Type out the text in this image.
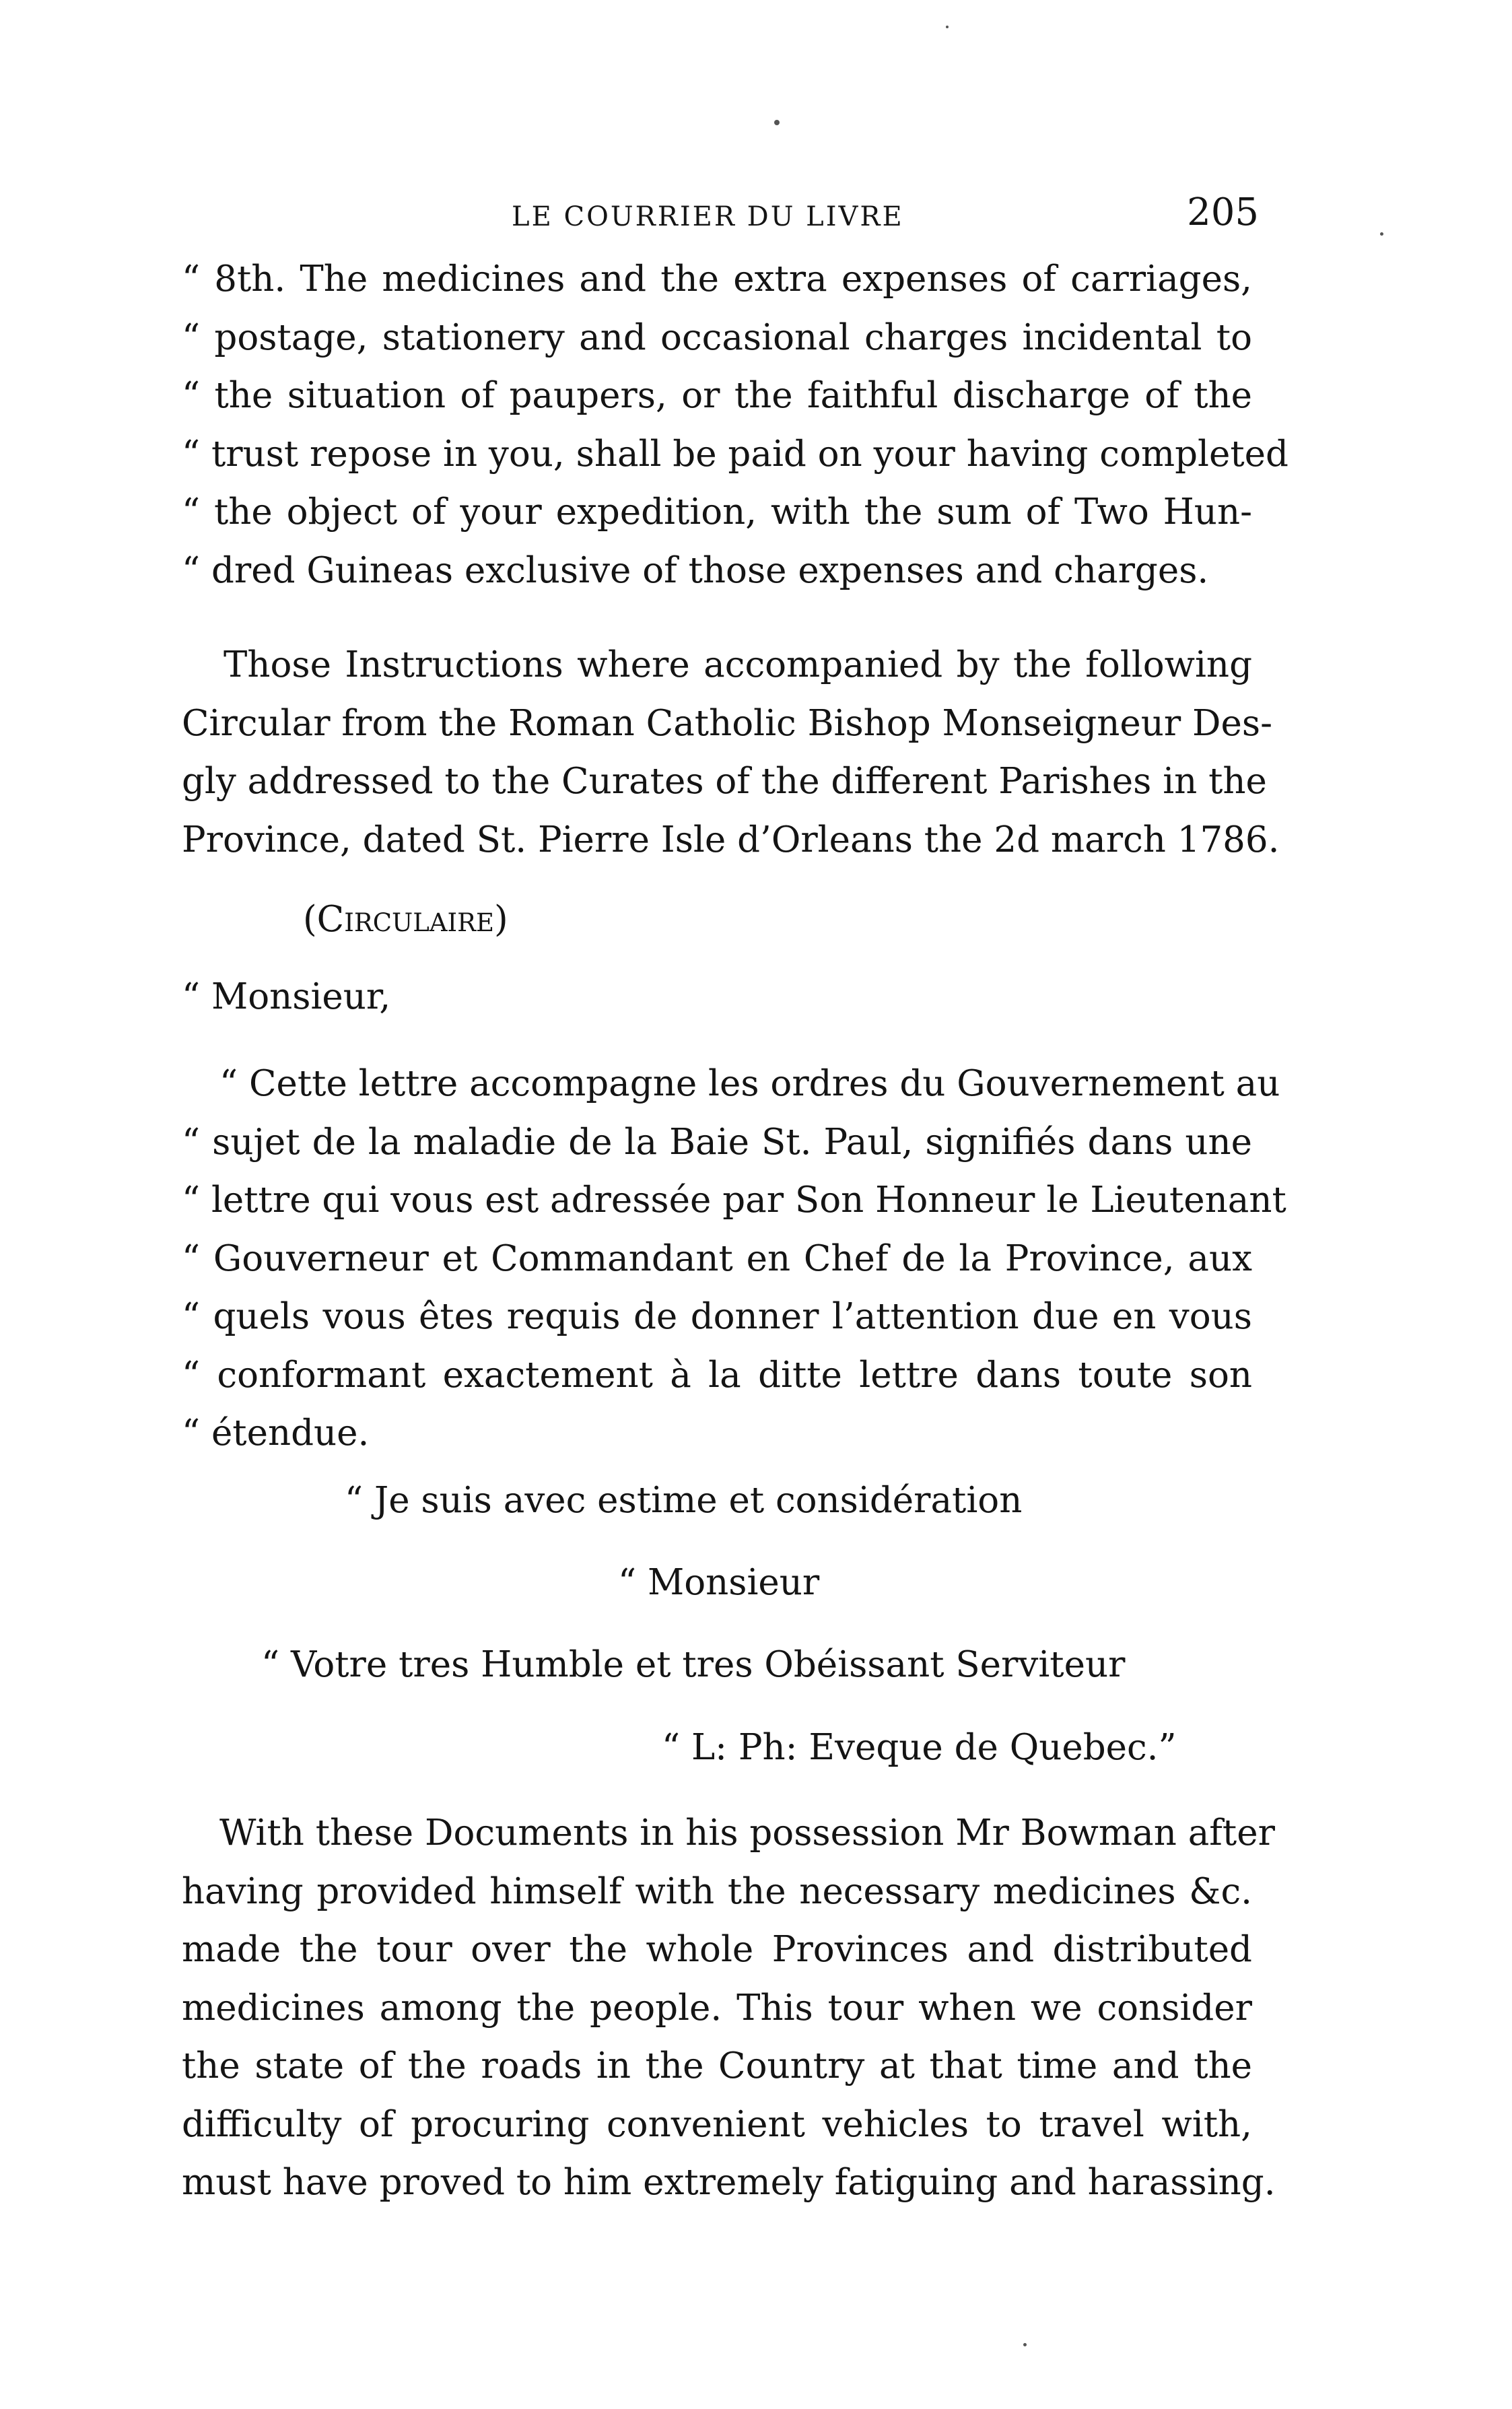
LE COURRIER DU LIVRE	205
“ 8th. The medicines and the extra expenses of carriages,
“ postage, stationery and occasional charges incidental to
“ the situation of paupers, or the faithful discharge of the
“ trust repose in you, shall be paid on your having completed
“ the object of your expedition, with the sum of Two Hun-
“ dred Guineas exclusive of those expenses and charges.
Those Instructions where accompanied by the following
Circular from the Roman Catholic Bishop Monseigneur Des-
gly addressed to the Curates of the different Parishes in the
Province, dated St. Pierre Isle d’Orleans the 2d march 1786.
(Circulaire)
“ Monsieur,
“ Cette lettre accompagne les ordres du Gouvernement au
“ sujet de la maladie de la Baie St. Paul, signifiés dans une
“ lettre qui vous est adressée par Son Honneur le Lieutenant
“ Gouverneur et Commandant en Chef de la Province, aux
“ quels vous êtes requis de donner l’attention due en vous
“ conformant exactement à la ditte lettre dans toute son
“ étendue.
“ Je suis avec estime et considération
“ Monsieur
“ Votre tres Humble et tres Obéissant Serviteur
“ L: Ph: Eveque de Quebec.”
With these Documents in his possession Mr Bowman after
having provided himself with the necessary medicines &c.
made the tour over the whole Provinces and distributed
medicines among the people. This tour when we consider
the state of the roads in the Country at that time and the
difficulty of procuring convenient vehicles to travel with,
must have proved to him extremely fatiguing and harassing.
